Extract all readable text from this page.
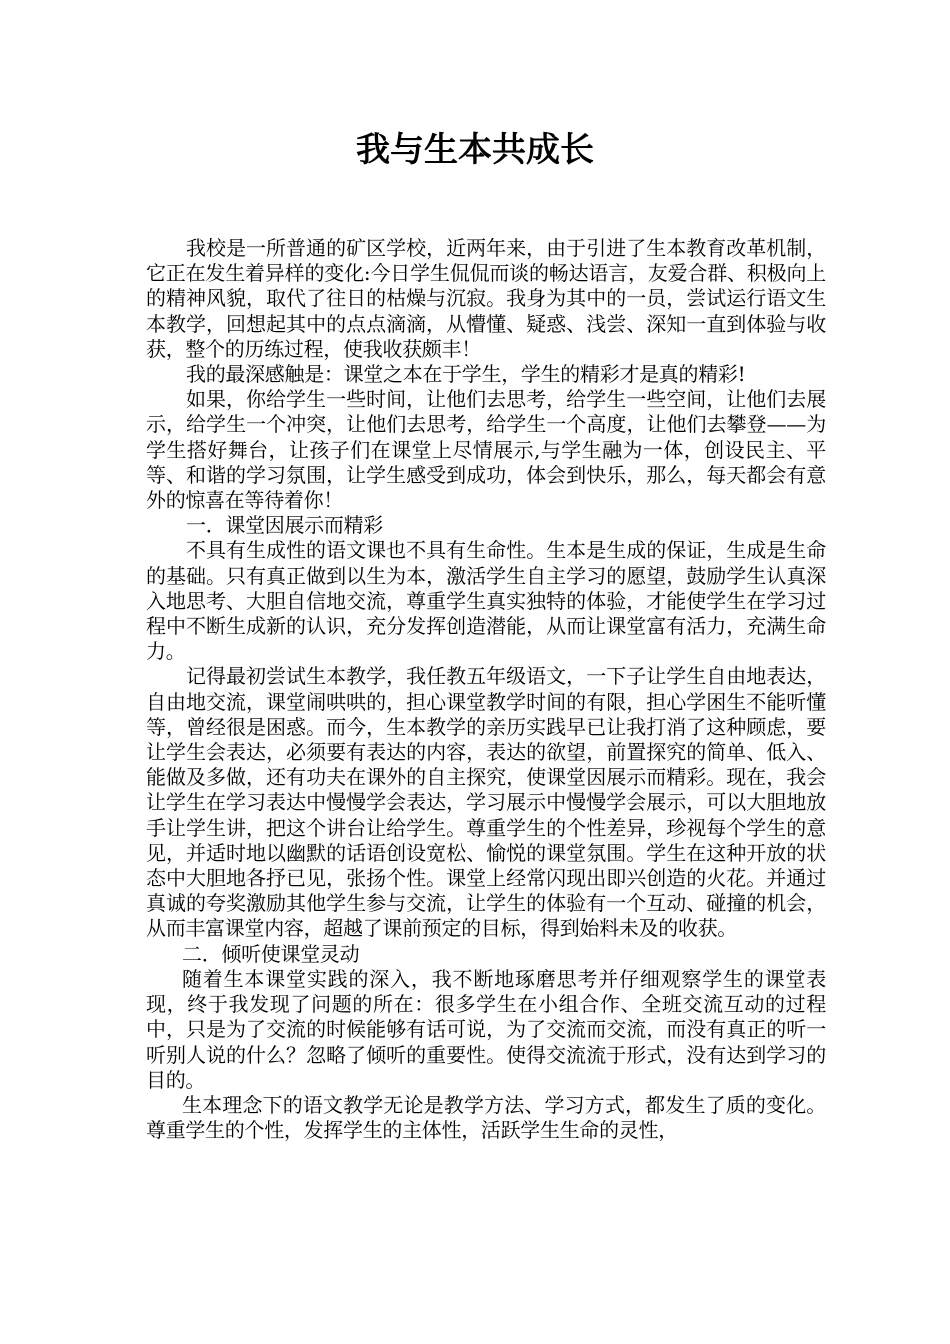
我与生本共成长

我校是一所普通的矿区学校，近两年来，由于引进了生本教育改革机制，它正在发生着异样的变化:今日学生侃侃而谈的畅达语言，友爱合群、积极向上的精神风貌，取代了往日的枯燥与沉寂。我身为其中的一员，尝试运行语文生本教学，回想起其中的点点滴滴，从懵懂、疑惑、浅尝、深知一直到体验与收获，整个的历练过程，使我收获颇丰！

我的最深感触是：课堂之本在于学生，学生的精彩才是真的精彩!

如果，你给学生一些时间，让他们去思考，给学生一些空间，让他们去展示，给学生一个冲突，让他们去思考，给学生一个高度，让他们去攀登——为学生搭好舞台，让孩子们在课堂上尽情展示,与学生融为一体，创设民主、平等、和谐的学习氛围，让学生感受到成功，体会到快乐，那么，每天都会有意外的惊喜在等待着你！

一．课堂因展示而精彩

不具有生成性的语文课也不具有生命性。生本是生成的保证，生成是生命的基础。只有真正做到以生为本，激活学生自主学习的愿望，鼓励学生认真深入地思考、大胆自信地交流，尊重学生真实独特的体验，才能使学生在学习过程中不断生成新的认识，充分发挥创造潜能，从而让课堂富有活力，充满生命力。

记得最初尝试生本教学，我任教五年级语文，一下子让学生自由地表达，自由地交流，课堂闹哄哄的，担心课堂教学时间的有限，担心学困生不能听懂等，曾经很是困惑。而今，生本教学的亲历实践早已让我打消了这种顾虑，要让学生会表达，必须要有表达的内容，表达的欲望，前置探究的简单、低入、能做及多做，还有功夫在课外的自主探究，使课堂因展示而精彩。现在，我会让学生在学习表达中慢慢学会表达，学习展示中慢慢学会展示，可以大胆地放手让学生讲，把这个讲台让给学生。尊重学生的个性差异，珍视每个学生的意见，并适时地以幽默的话语创设宽松、愉悦的课堂氛围。学生在这种开放的状态中大胆地各抒已见，张扬个性。课堂上经常闪现出即兴创造的火花。并通过真诚的夸奖激励其他学生参与交流，让学生的体验有一个互动、碰撞的机会，从而丰富课堂内容，超越了课前预定的目标，得到始料未及的收获。

二．倾听使课堂灵动

随着生本课堂实践的深入，我不断地琢磨思考并仔细观察学生的课堂表现，终于我发现了问题的所在：很多学生在小组合作、全班交流互动的过程中，只是为了交流的时候能够有话可说，为了交流而交流，而没有真正的听一听别人说的什么？忽略了倾听的重要性。使得交流流于形式，没有达到学习的目的。

生本理念下的语文教学无论是教学方法、学习方式，都发生了质的变化。尊重学生的个性，发挥学生的主体性，活跃学生生命的灵性，
